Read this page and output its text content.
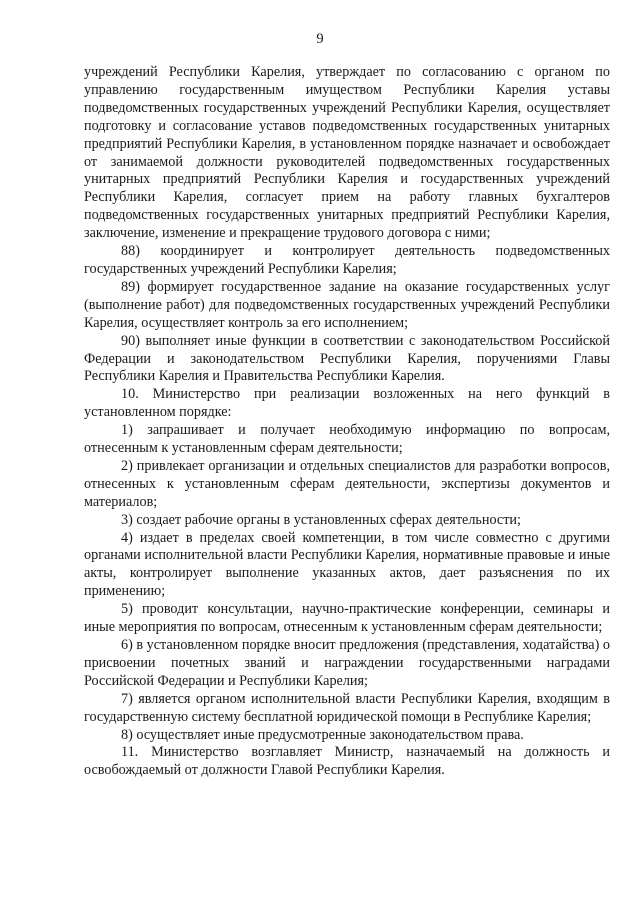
9

учреждений Республики Карелия, утверждает по согласованию с органом по управлению государственным имуществом Республики Карелия уставы подведомственных государственных учреждений Республики Карелия, осуществляет подготовку и согласование уставов подведомственных государственных унитарных предприятий Республики Карелия, в установленном порядке назначает и освобождает от занимаемой должности руководителей подведомственных государственных унитарных предприятий Республики Карелия и государственных учреждений Республики Карелия, согласует прием на работу главных бухгалтеров подведомственных государственных унитарных предприятий Республики Карелия, заключение, изменение и прекращение трудового договора с ними;

88) координирует и контролирует деятельность подведомственных государственных учреждений Республики Карелия;

89) формирует государственное задание на оказание государственных услуг (выполнение работ) для подведомственных государственных учреждений Республики Карелия, осуществляет контроль за его исполнением;

90) выполняет иные функции в соответствии с законодательством Российской Федерации и законодательством Республики Карелия, поручениями Главы Республики Карелия и Правительства Республики Карелия.

10. Министерство при реализации возложенных на него функций в установленном порядке:

1) запрашивает и получает необходимую информацию по вопросам, отнесенным к установленным сферам деятельности;

2) привлекает организации и отдельных специалистов для разработки вопросов, отнесенных к установленным сферам деятельности, экспертизы документов и материалов;

3) создает рабочие органы в установленных сферах деятельности;

4) издает в пределах своей компетенции, в том числе совместно с другими органами исполнительной власти Республики Карелия, нормативные правовые и иные акты, контролирует выполнение указанных актов, дает разъяснения по их применению;

5) проводит консультации, научно-практические конференции, семинары и иные мероприятия по вопросам, отнесенным к установленным сферам деятельности;

6) в установленном порядке вносит предложения (представления, ходатайства) о присвоении почетных званий и награждении государственными наградами Российской Федерации и Республики Карелия;

7) является органом исполнительной власти Республики Карелия, входящим в государственную систему бесплатной юридической помощи в Республике Карелия;

8) осуществляет иные предусмотренные законодательством права.

11. Министерство возглавляет Министр, назначаемый на должность и освобождаемый от должности Главой Республики Карелия.
